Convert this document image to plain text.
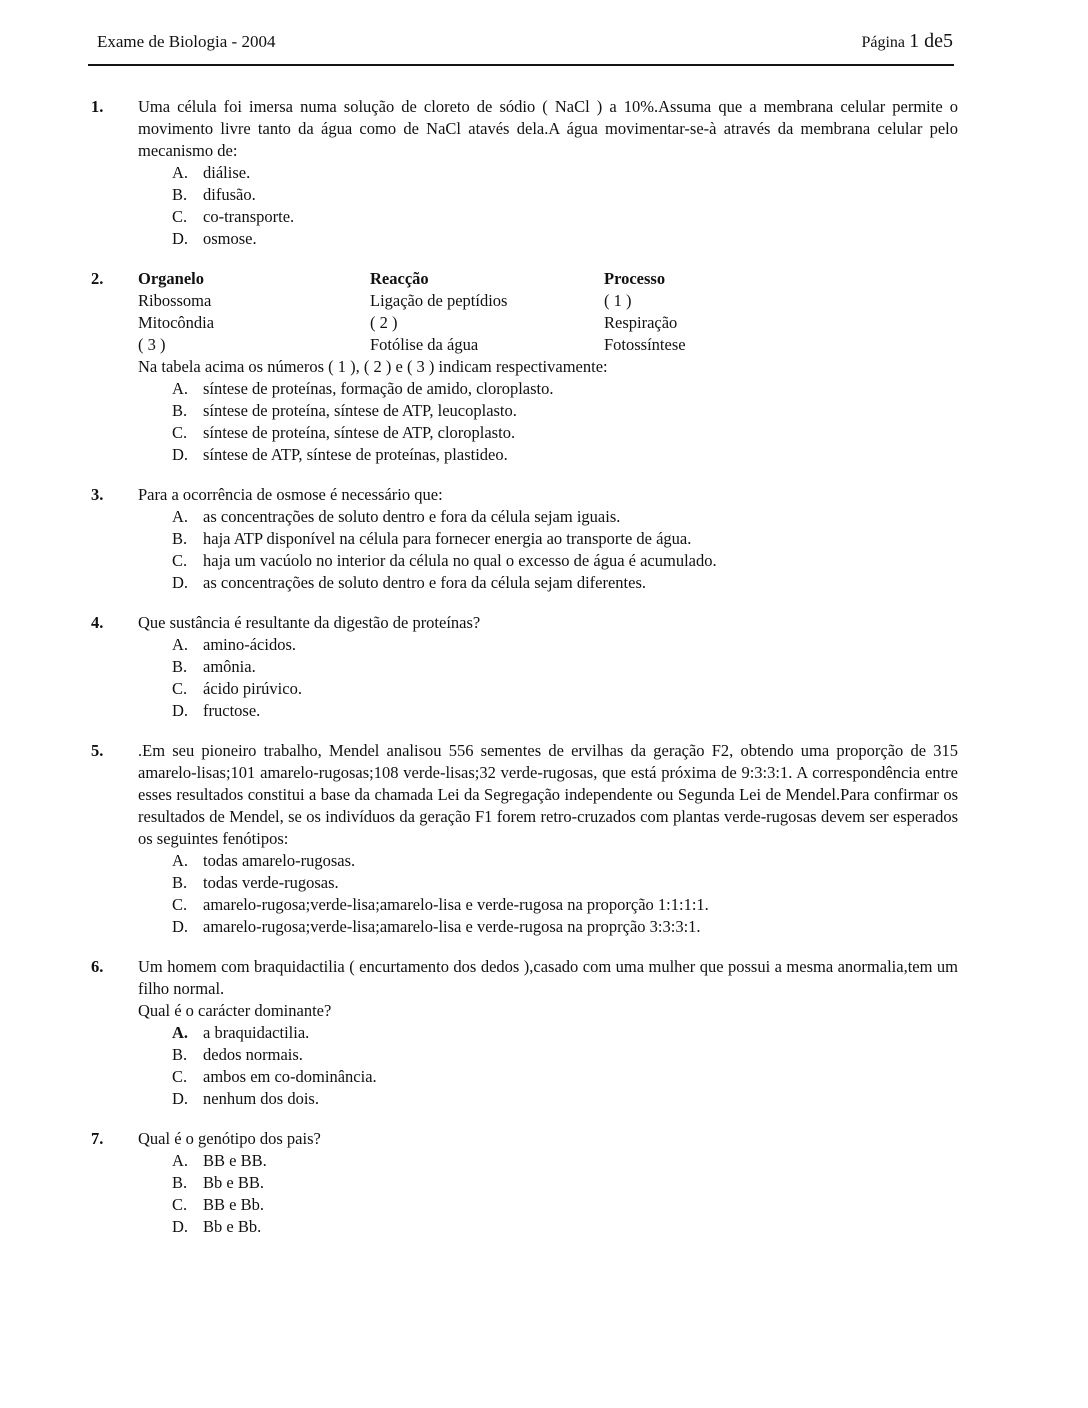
Exame de Biologia - 2004	Página 1 de5
1.	Uma célula foi imersa numa solução de cloreto de sódio ( NaCl ) a 10%.Assuma que a membrana celular permite o movimento livre tanto da água como de NaCl atavés dela.A água movimentar-se-à através da membrana celular pelo mecanismo de:

A. diálise.
B. difusão.
C. co-transporte.
D. osmose.
2.	Organelo	Reacção	Processo
Ribossoma	Ligação de peptídios	( 1 )
Mitocôndia	( 2 )	Respiração
( 3 )	Fotólise da água	Fotossíntese

Na tabela acima os números ( 1 ), ( 2 ) e ( 3 ) indicam respectivamente:

A. síntese de proteínas, formação de amido, cloroplasto.
B. síntese de proteína, síntese de ATP, leucoplasto.
C. síntese de proteína, síntese de ATP, cloroplasto.
D. síntese de ATP, síntese de proteínas, plastideo.
3.	Para a ocorrência de osmose é necessário que:

A. as concentrações de soluto dentro e fora da célula sejam iguais.
B. haja ATP disponível na célula para fornecer energia ao transporte de água.
C. haja um vacúolo no interior da célula no qual o excesso de água é acumulado.
D. as concentrações de soluto dentro e fora da célula sejam diferentes.
4.	Que sustância é resultante da digestão de proteínas?

A. amino-ácidos.
B. amônia.
C. ácido pirúvico.
D. fructose.
5.	.Em seu pioneiro trabalho, Mendel analisou 556 sementes de ervilhas da geração F2, obtendo uma proporção de 315 amarelo-lisas;101 amarelo-rugosas;108 verde-lisas;32 verde-rugosas, que está próxima de 9:3:3:1. A correspondência entre esses resultados constitui a base da chamada Lei da Segregação independente ou Segunda Lei de Mendel.Para confirmar os resultados de Mendel, se os indivíduos da geração F1 forem retro-cruzados com plantas verde-rugosas devem ser esperados os seguintes fenótipos:

A. todas amarelo-rugosas.
B. todas verde-rugosas.
C. amarelo-rugosa;verde-lisa;amarelo-lisa e verde-rugosa na proporção 1:1:1:1.
D. amarelo-rugosa;verde-lisa;amarelo-lisa e verde-rugosa na proprção 3:3:3:1.
6.	Um homem com braquidactilia ( encurtamento dos dedos ),casado com uma mulher que possui a mesma anormalia,tem um filho normal.

Qual é o carácter dominante?

A. a braquidactilia.
B. dedos normais.
C. ambos em co-dominância.
D. nenhum dos dois.
7.	Qual é o genótipo dos pais?

A. BB e BB.
B. Bb e BB.
C. BB e Bb.
D. Bb e Bb.
